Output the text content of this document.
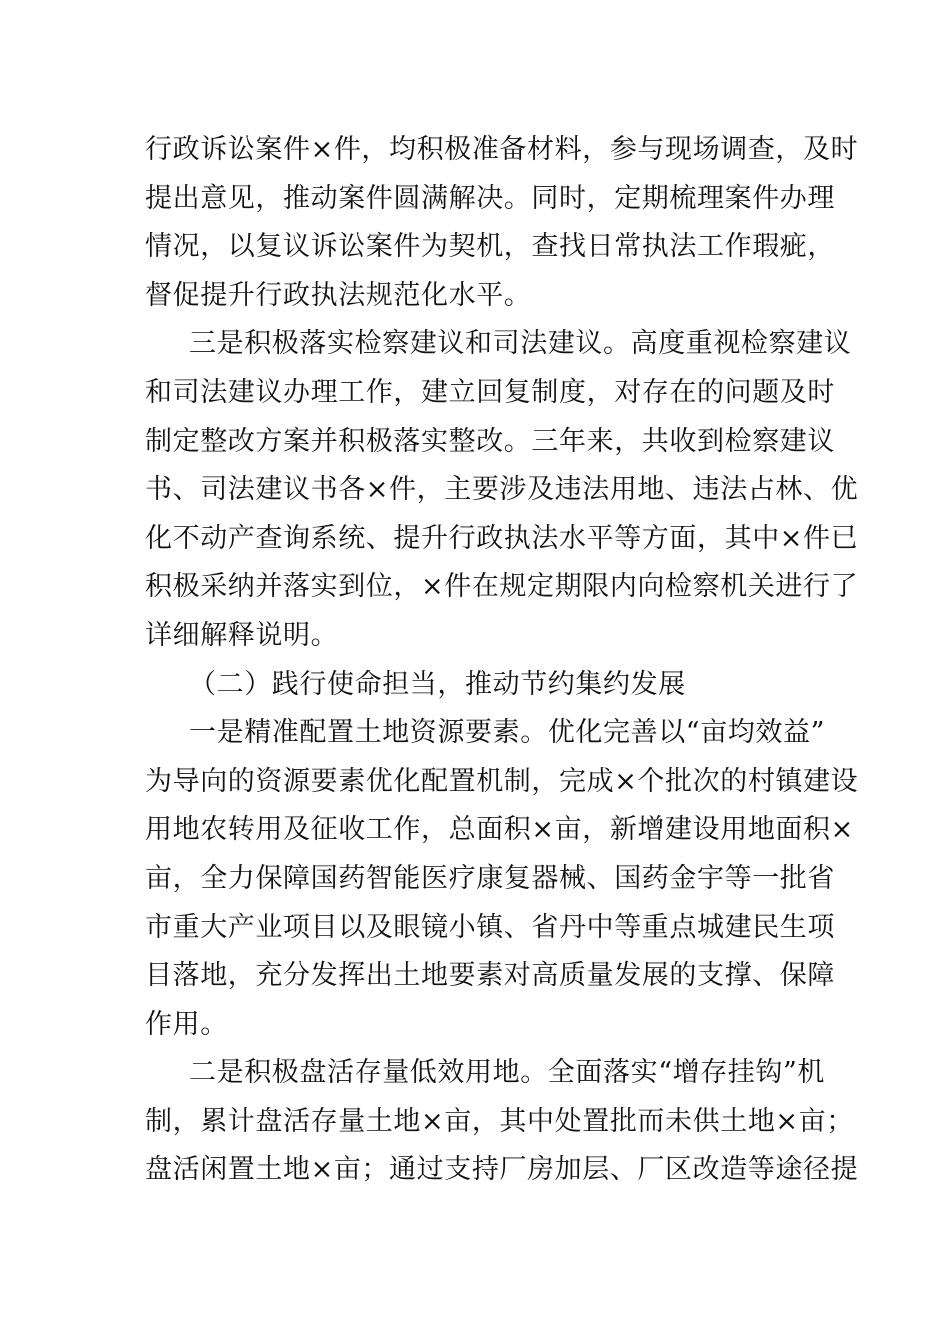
行政诉讼案件×件，均积极准备材料，参与现场调查，及时
提出意见，推动案件圆满解决。同时，定期梳理案件办理
情况，以复议诉讼案件为契机，查找日常执法工作瑕疵，
督促提升行政执法规范化水平。
三是积极落实检察建议和司法建议。高度重视检察建议
和司法建议办理工作，建立回复制度，对存在的问题及时
制定整改方案并积极落实整改。三年来，共收到检察建议
书、司法建议书各×件，主要涉及违法用地、违法占林、优
化不动产查询系统、提升行政执法水平等方面，其中×件已
积极采纳并落实到位，×件在规定期限内向检察机关进行了
详细解释说明。
（二）践行使命担当，推动节约集约发展
一是精准配置土地资源要素。优化完善以“亩均效益”
为导向的资源要素优化配置机制，完成×个批次的村镇建设
用地农转用及征收工作，总面积×亩，新增建设用地面积×
亩，全力保障国药智能医疗康复器械、国药金宇等一批省
市重大产业项目以及眼镜小镇、省丹中等重点城建民生项
目落地，充分发挥出土地要素对高质量发展的支撑、保障
作用。
二是积极盘活存量低效用地。全面落实“增存挂钩”机
制，累计盘活存量土地×亩，其中处置批而未供土地×亩；
盘活闲置土地×亩；通过支持厂房加层、厂区改造等途径提
